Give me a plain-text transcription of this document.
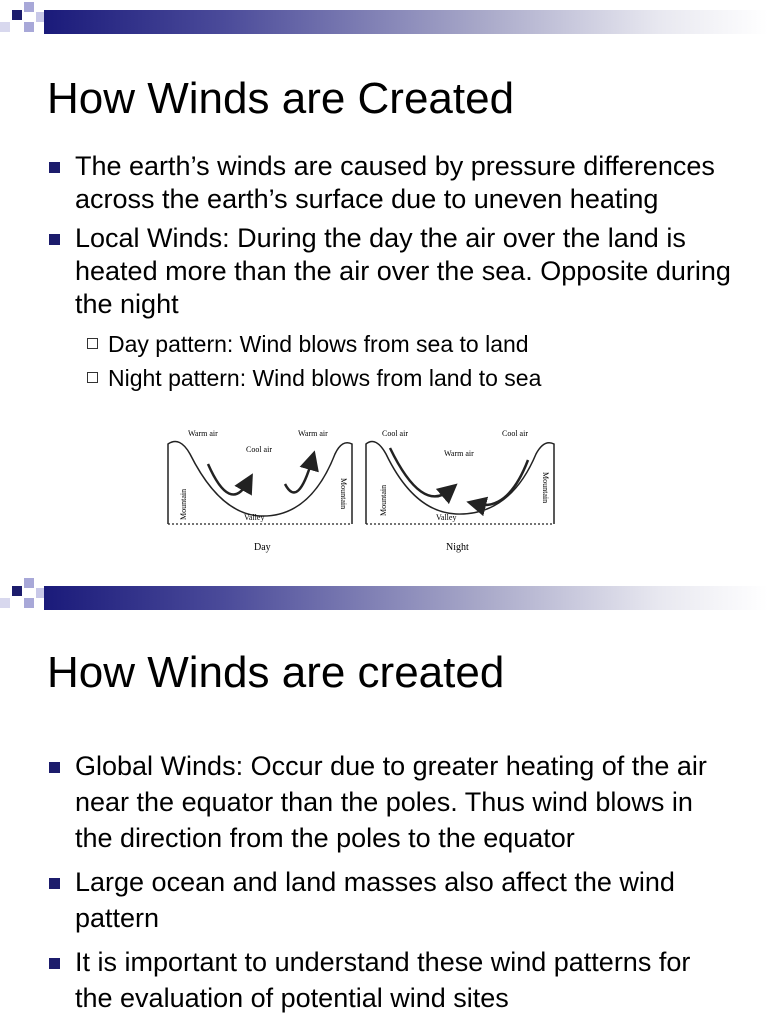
How Winds are Created
The earth’s winds are caused by pressure differences across the earth’s surface due to uneven heating
Local Winds: During the day the air over the land is heated more than the air over the sea. Opposite during the night
Day pattern: Wind blows from sea to land
Night pattern: Wind blows from land to sea
Warm air
Cool air
Warm air
Valley
Mountain	Mountain
Day
Cool air
Warm air
Cool air
Valley
Mountain	Mountain
Night
How Winds are created
Global Winds: Occur due to greater heating of the air near the equator than the poles. Thus wind blows in the direction from the poles to the equator
Large ocean and land masses also affect the wind pattern
It is important to understand these wind patterns for the evaluation of potential wind sites
